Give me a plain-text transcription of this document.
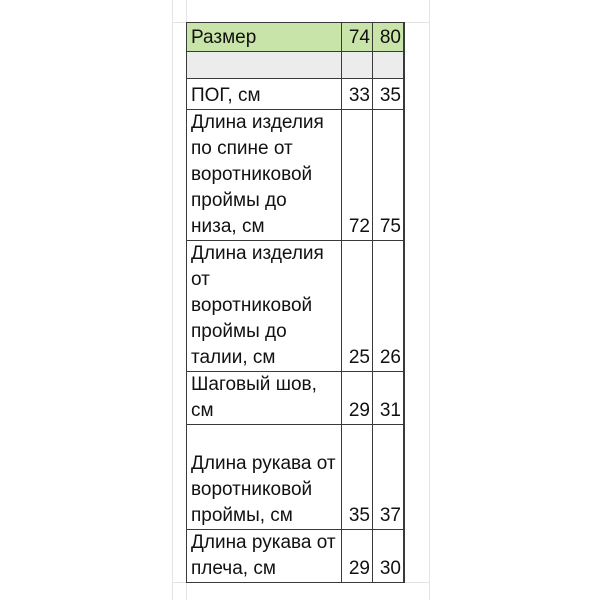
Размер	74	80

ПОГ, см	33	35

Длина изделия
по спине от
воротниковой
проймы до
низа, см	72	75

Длина изделия
от
воротниковой
проймы до
талии, см	25	26

Шаговый шов,
см	29	31

Длина рукава от
воротниковой
проймы, см	35	37

Длина рукава от
плеча, см	29	30
